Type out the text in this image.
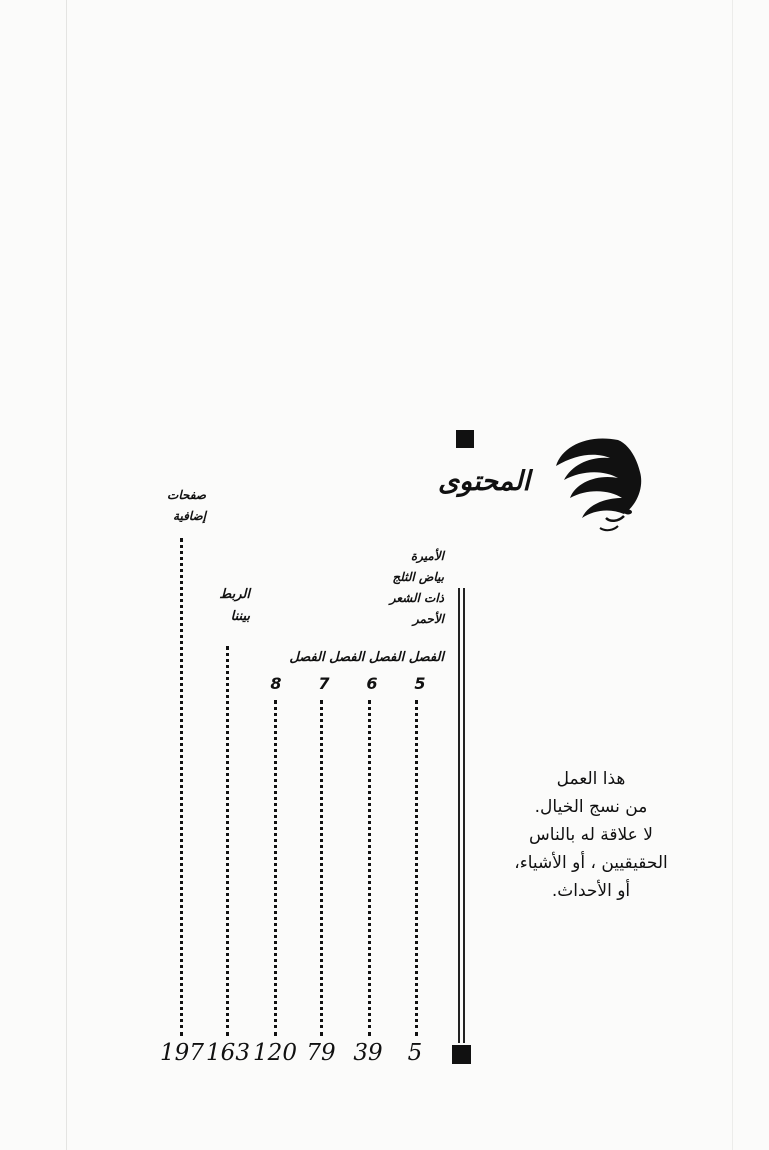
المحتوى
الأميرة
بياض الثلج
ذات الشعر
الأحمر
الربط
بيننا
صفحات
إضافية
الفصل الفصل الفصل الفصل
5
6
7
8
5
39
79
120
163
197
هذا العمل
من نسج الخيال.
لا علاقة له بالناس
الحقيقيين ، أو الأشياء،
أو الأحداث.
